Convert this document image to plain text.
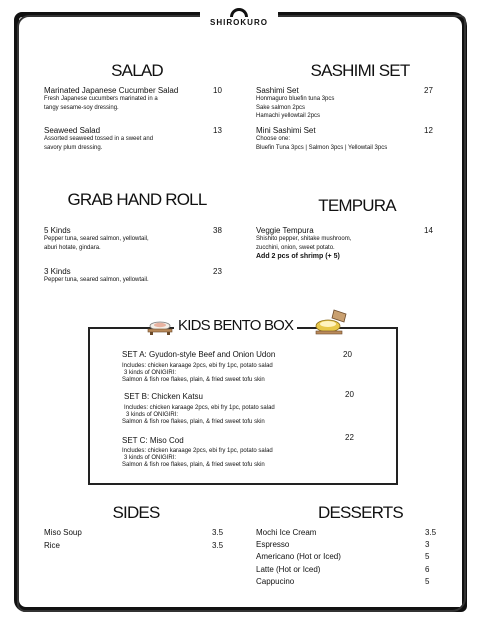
SHIROKURO
SALAD
Marinated Japanese Cucumber Salad
Fresh Japanese cucumbers marinated in a
tangy sesame-soy dressing.
10
Seaweed Salad
Assorted seaweed tossed in a sweet and
savory plum dressing.
13
SASHIMI SET
Sashimi Set
Honmaguro bluefin tuna 3pcs
Sake salmon 2pcs
Hamachi yellowtail 2pcs
27
Mini Sashimi Set
Choose one:
Bluefin Tuna 3pcs | Salmon 3pcs | Yellowtail 3pcs
12
GRAB HAND ROLL
5 Kinds
Pepper tuna, seared salmon, yellowtail,
aburi hotate, gindara.
38
3 Kinds
Pepper tuna, seared salmon, yellowtail.
23
TEMPURA
Veggie Tempura
Shishito pepper, shitake mushroom,
zucchini, onion, sweet potato.
Add 2 pcs of shrimp (+ 5)
14
KIDS BENTO BOX
SET A: Gyudon-style Beef and Onion Udon	20
Includes: chicken karaage 2pcs, ebi fry 1pc, potato salad
3 kinds of ONIGIRI:
Salmon & fish roe flakes, plain, & fried sweet tofu skin
SET B: Chicken Katsu	20
Includes: chicken karaage 2pcs, ebi fry 1pc, potato salad
3 kinds of ONIGIRI:
Salmon & fish roe flakes, plain, & fried sweet tofu skin
SET C: Miso Cod	22
Includes: chicken karaage 2pcs, ebi fry 1pc, potato salad
3 kinds of ONIGIRI:
Salmon & fish roe flakes, plain, & fried sweet tofu skin
SIDES
Miso Soup	3.5
Rice	3.5
DESSERTS
Mochi Ice Cream	3.5
Espresso	3
Americano (Hot or Iced)	5
Latte (Hot or Iced)	6
Cappucino	5
